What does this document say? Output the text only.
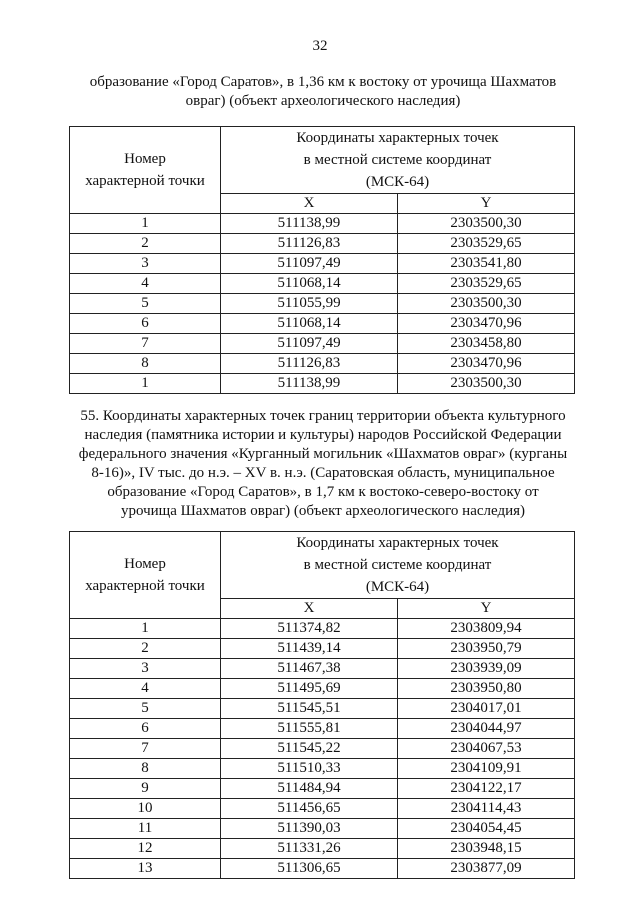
32
образование «Город Саратов», в 1,36 км к востоку от урочища Шахматов
овраг) (объект археологического наследия)
Номер
характерной точки	Координаты характерных точек
в местной системе координат
(МСК-64)	

	X	Y
1	511138,99	2303500,30
2	511126,83	2303529,65
3	511097,49	2303541,80
4	511068,14	2303529,65
5	511055,99	2303500,30
6	511068,14	2303470,96
7	511097,49	2303458,80
8	511126,83	2303470,96
1	511138,99	2303500,30
55. Координаты характерных точек границ территории объекта культурного
наследия (памятника истории и культуры) народов Российской Федерации
федерального значения «Курганный могильник «Шахматов овраг» (курганы
8-16)», IV тыс. до н.э. – XV в. н.э. (Саратовская область, муниципальное
образование «Город Саратов», в 1,7 км к востоко-северо-востоку от
урочища Шахматов овраг) (объект археологического наследия)
Номер
характерной точки	Координаты характерных точек
в местной системе координат
(МСК-64)	

	X	Y
1	511374,82	2303809,94
2	511439,14	2303950,79
3	511467,38	2303939,09
4	511495,69	2303950,80
5	511545,51	2304017,01
6	511555,81	2304044,97
7	511545,22	2304067,53
8	511510,33	2304109,91
9	511484,94	2304122,17
10	511456,65	2304114,43
11	511390,03	2304054,45
12	511331,26	2303948,15
13	511306,65	2303877,09
